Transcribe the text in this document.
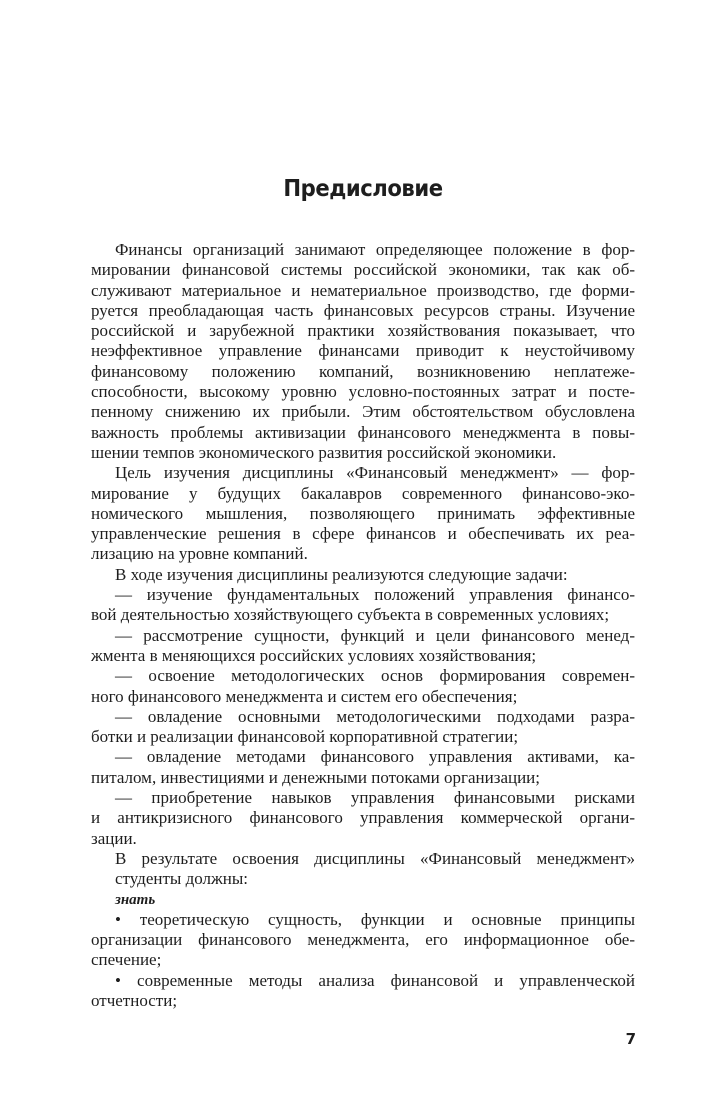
Предисловие
Финансы организаций занимают определяющее положение в фор-
мировании финансовой системы российской экономики, так как об-
служивают материальное и нематериальное производство, где форми-
руется преобладающая часть финансовых ресурсов страны. Изучение
российской и зарубежной практики хозяйствования показывает, что
неэффективное управление финансами приводит к неустойчивому
финансовому положению компаний, возникновению неплатеже-
способности, высокому уровню условно-постоянных затрат и посте-
пенному снижению их прибыли. Этим обстоятельством обусловлена
важность проблемы активизации финансового менеджмента в повы-
шении темпов экономического развития российской экономики.
Цель изучения дисциплины «Финансовый менеджмент» — фор-
мирование у будущих бакалавров современного финансово-эко-
номического мышления, позволяющего принимать эффективные
управленческие решения в сфере финансов и обеспечивать их реа-
лизацию на уровне компаний.
В ходе изучения дисциплины реализуются следующие задачи:
— изучение фундаментальных положений управления финансо-
вой деятельностью хозяйствующего субъекта в современных условиях;
— рассмотрение сущности, функций и цели финансового менед-
жмента в меняющихся российских условиях хозяйствования;
— освоение методологических основ формирования современ-
ного финансового менеджмента и систем его обеспечения;
— овладение основными методологическими подходами разра-
ботки и реализации финансовой корпоративной стратегии;
— овладение методами финансового управления активами, ка-
питалом, инвестициями и денежными потоками организации;
— приобретение навыков управления финансовыми рисками
и антикризисного финансового управления коммерческой органи-
зации.
В результате освоения дисциплины «Финансовый менеджмент»
студенты должны:
знать
• теоретическую сущность, функции и основные принципы
организации финансового менеджмента, его информационное обе-
спечение;
• современные методы анализа финансовой и управленческой
отчетности;
7
